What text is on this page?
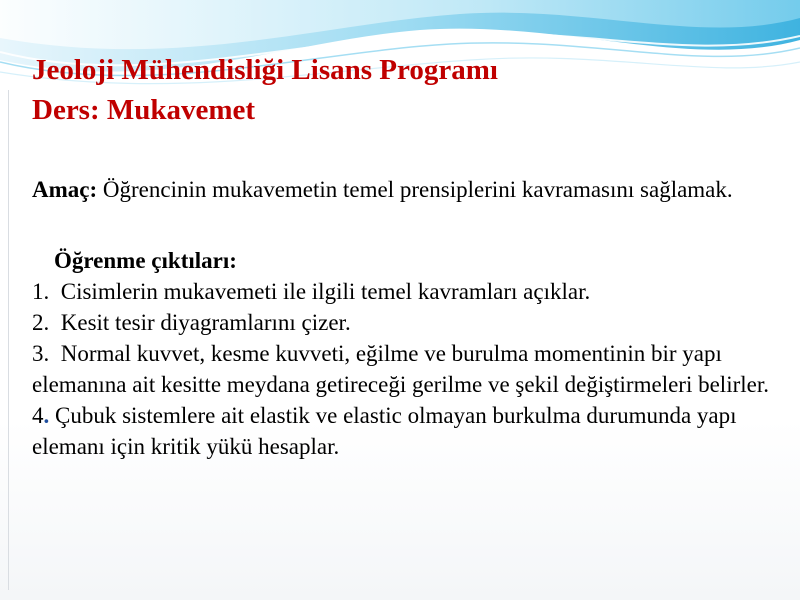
Jeoloji Mühendisliği Lisans Programı
Ders: Mukavemet

Amaç: Öğrencinin mukavemetin temel prensiplerini kavramasını sağlamak.

Öğrenme çıktıları:

1.  Cisimlerin mukavemeti ile ilgili temel kavramları açıklar.

2.  Kesit tesir diyagramlarını çizer.

3.  Normal kuvvet, kesme kuvveti, eğilme ve burulma momentinin bir yapı elemanına ait kesitte meydana getireceği gerilme ve şekil değiştirmeleri belirler.

4. Çubuk sistemlere ait elastik ve elastic olmayan burkulma durumunda yapı elemanı için kritik yükü hesaplar.
